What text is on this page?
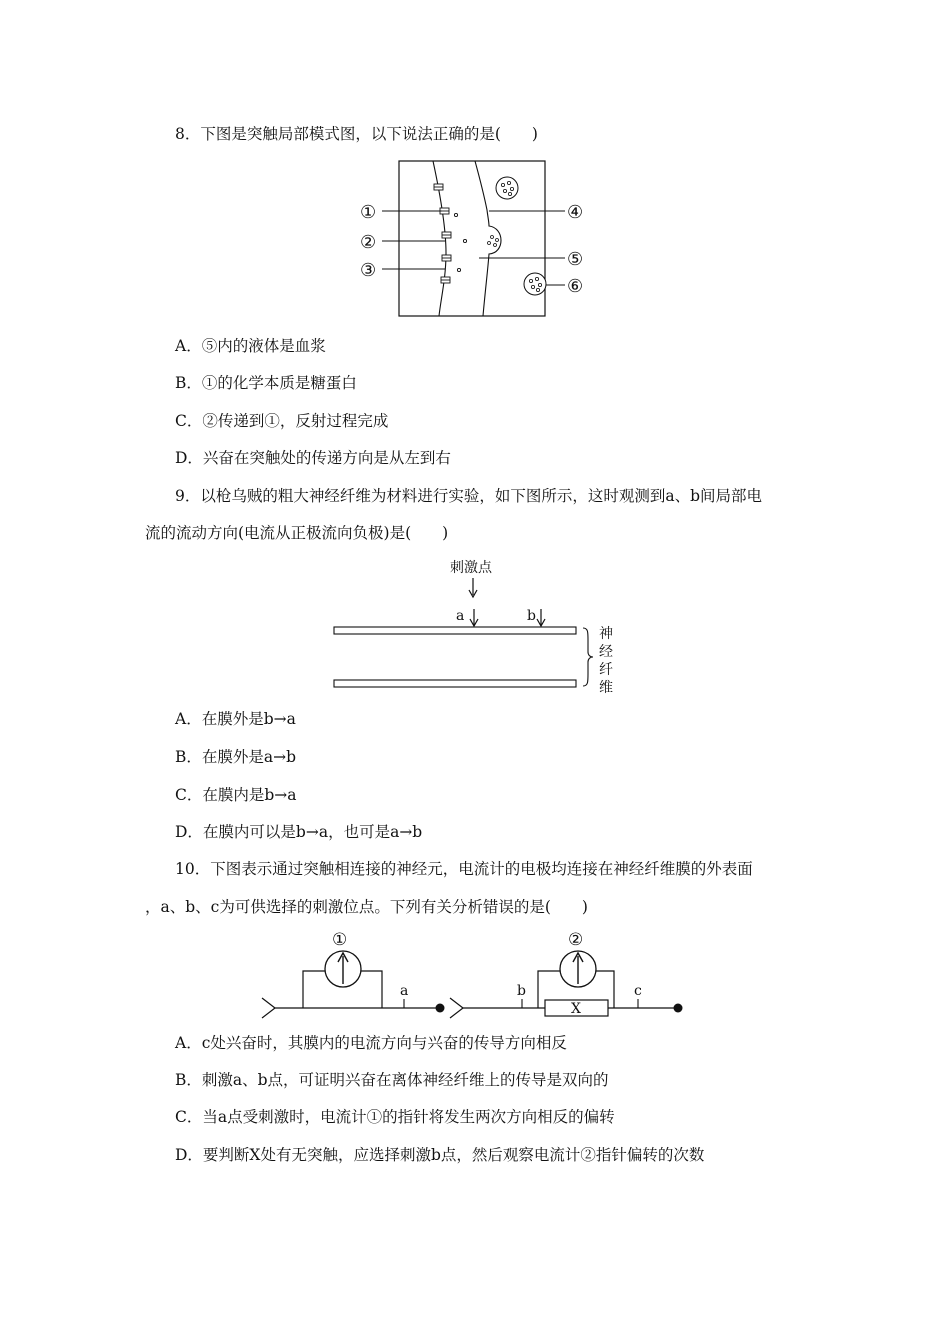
8．下图是突触局部模式图，以下说法正确的是(　　)
①
②
③
④
⑤
⑥
A．⑤内的液体是血浆
B．①的化学本质是糖蛋白
C．②传递到①，反射过程完成
D．兴奋在突触处的传递方向是从左到右
9．以枪乌贼的粗大神经纤维为材料进行实验，如下图所示，这时观测到a、b间局部电
流的流动方向(电流从正极流向负极)是(　　)
刺激点
a	b
神
经
纤
维
A．在膜外是b→a
B．在膜外是a→b
C．在膜内是b→a
D．在膜内可以是b→a，也可是a→b
10．下图表示通过突触相连接的神经元，电流计的电极均连接在神经纤维膜的外表面
，a、b、c为可供选择的刺激位点。下列有关分析错误的是(　　)
①
a
X
②
b	c
A．c处兴奋时，其膜内的电流方向与兴奋的传导方向相反
B．刺激a、b点，可证明兴奋在离体神经纤维上的传导是双向的
C．当a点受刺激时，电流计①的指针将发生两次方向相反的偏转
D．要判断X处有无突触，应选择刺激b点，然后观察电流计②指针偏转的次数
